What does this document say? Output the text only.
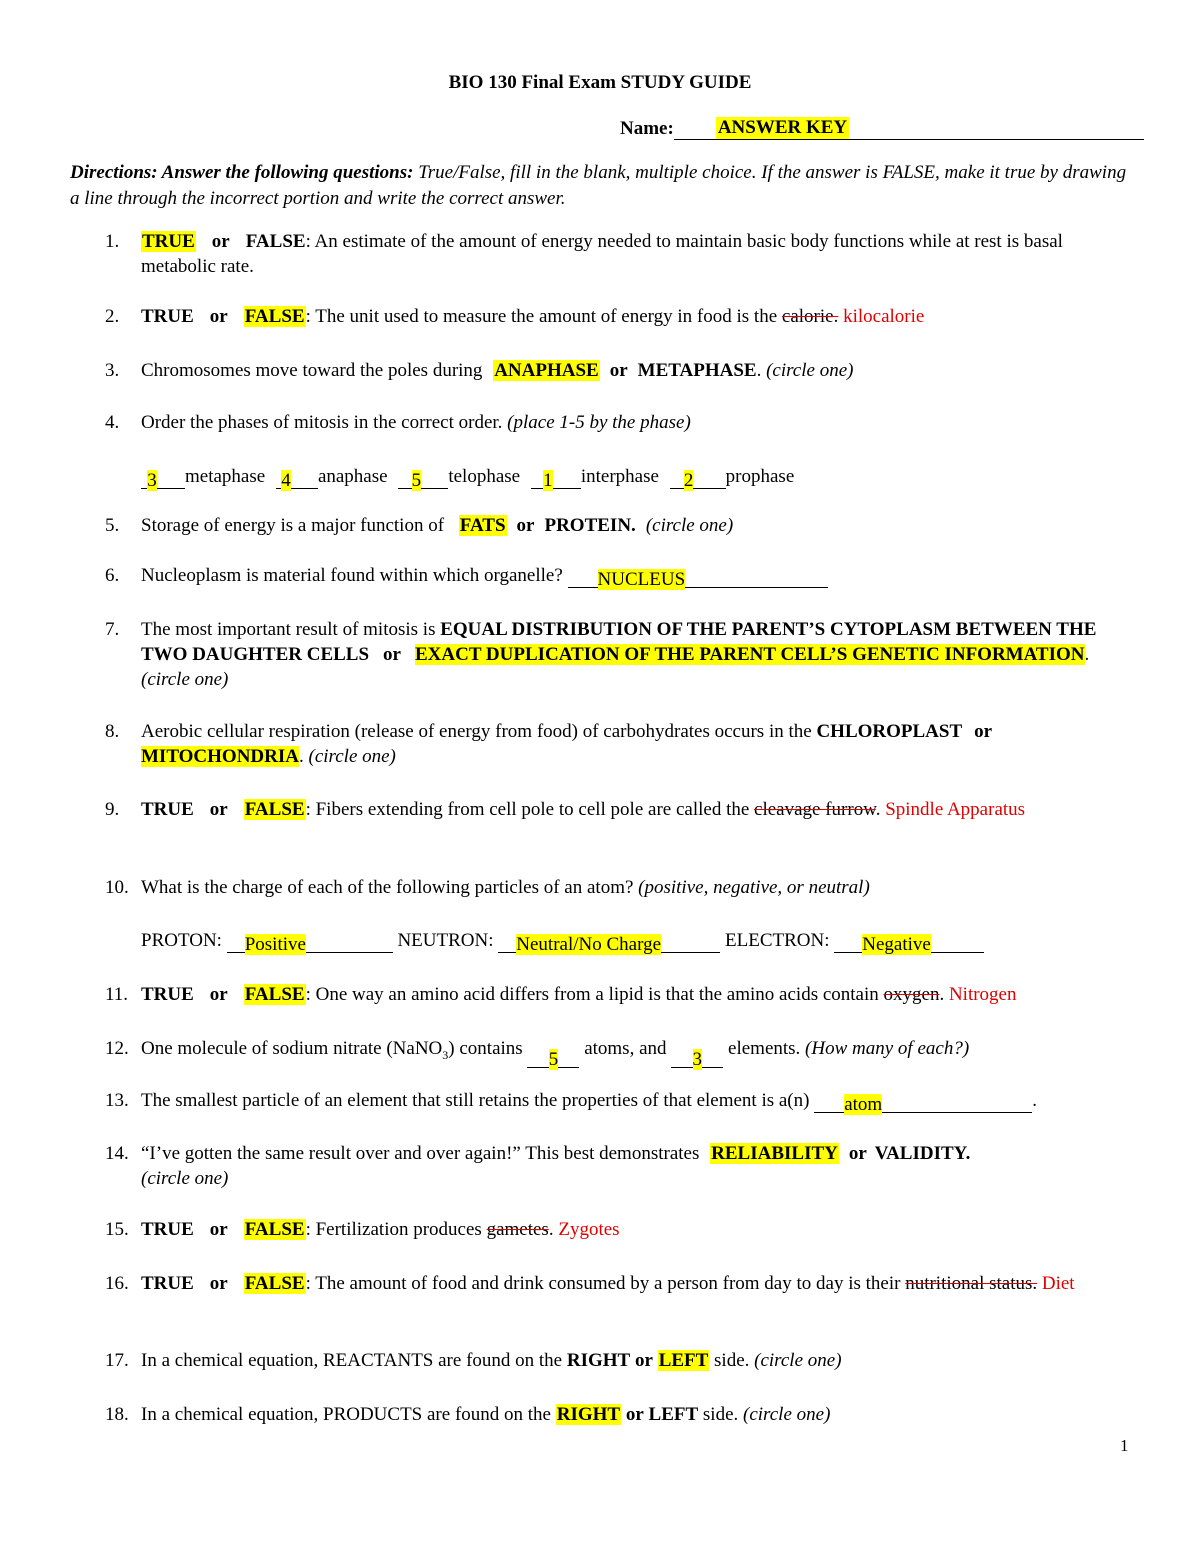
BIO 130 Final Exam STUDY GUIDE
Name: ANSWER KEY
Directions: Answer the following questions: True/False, fill in the blank, multiple choice. If the answer is FALSE, make it true by drawing a line through the incorrect portion and write the correct answer.
1.	TRUE or FALSE: An estimate of the amount of energy needed to maintain basic body functions while at rest is basal metabolic rate.
2.	TRUE or FALSE: The unit used to measure the amount of energy in food is the calorie. kilocalorie
3.	Chromosomes move toward the poles during ANAPHASE or METAPHASE. (circle one)
4.	Order the phases of mitosis in the correct order. (place 1-5 by the phase)
3 metaphase 4 anaphase 5 telophase 1 interphase 2 prophase
5.	Storage of energy is a major function of FATS or PROTEIN. (circle one)
6.	Nucleoplasm is material found within which organelle? NUCLEUS
7.	The most important result of mitosis is EQUAL DISTRIBUTION OF THE PARENT’S CYTOPLASM BETWEEN THE TWO DAUGHTER CELLS or EXACT DUPLICATION OF THE PARENT CELL’S GENETIC INFORMATION. (circle one)
8.	Aerobic cellular respiration (release of energy from food) of carbohydrates occurs in the CHLOROPLAST or MITOCHONDRIA. (circle one)
9.	TRUE or FALSE: Fibers extending from cell pole to cell pole are called the cleavage furrow. Spindle Apparatus
10. What is the charge of each of the following particles of an atom? (positive, negative, or neutral)
PROTON: Positive	NEUTRON: Neutral/No Charge	ELECTRON: Negative
11. TRUE or FALSE: One way an amino acid differs from a lipid is that the amino acids contain oxygen. Nitrogen
12. One molecule of sodium nitrate (NaNO$_3$) contains 5 atoms, and 3 elements. (How many of each?)
13. The smallest particle of an element that still retains the properties of that element is a(n) atom	.
14. “I’ve gotten the same result over and over again!” This best demonstrates RELIABILITY or VALIDITY.
(circle one)
15. TRUE or FALSE: Fertilization produces gametes. Zygotes
16. TRUE or FALSE: The amount of food and drink consumed by a person from day to day is their nutritional status. Diet
17. In a chemical equation, REACTANTS are found on the RIGHT or LEFT side. (circle one)
18. In a chemical equation, PRODUCTS are found on the RIGHT or LEFT side. (circle one)
1
